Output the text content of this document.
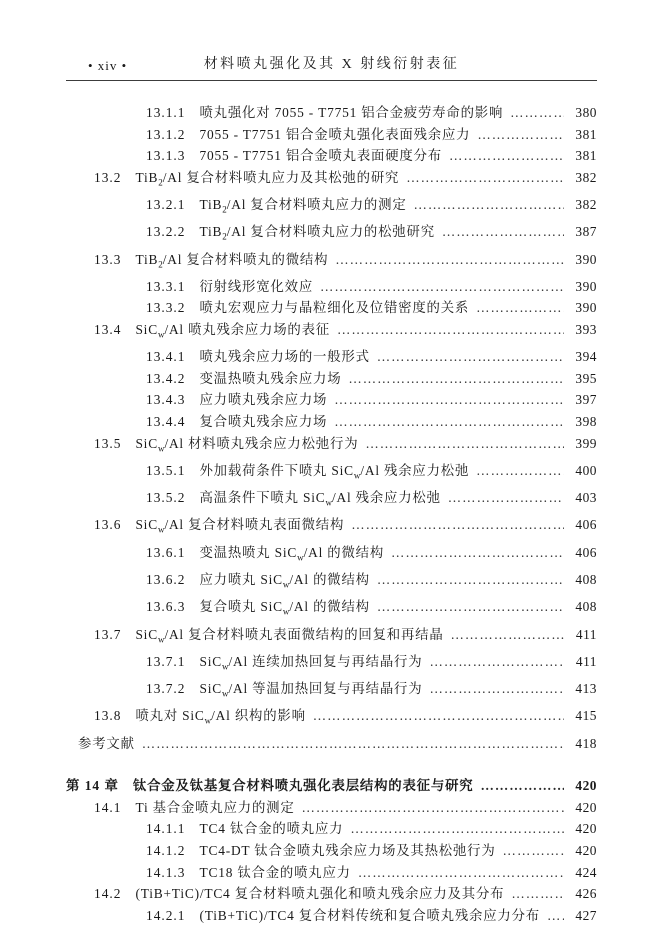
• xiv •	材料喷丸强化及其 X 射线衍射表征
13.1.1 喷丸强化对 7055 - T7751 铝合金疲劳寿命的影响 ………………………………………………………………………………………………………………	380
13.1.2 7055 - T7751 铝合金喷丸强化表面残余应力 ………………………………………………………………………………………………………………	381
13.1.3 7055 - T7751 铝合金喷丸表面硬度分布 ………………………………………………………………………………………………………………	381
13.2 TiB$_2$/Al 复合材料喷丸应力及其松弛的研究 ………………………………………………………………………………………………………………	382
13.2.1 TiB$_2$/Al 复合材料喷丸应力的测定 ………………………………………………………………………………………………………………	382
13.2.2 TiB$_2$/Al 复合材料喷丸应力的松弛研究 ………………………………………………………………………………………………………………	387
13.3 TiB$_2$/Al 复合材料喷丸的微结构 ………………………………………………………………………………………………………………	390
13.3.1 衍射线形宽化效应 ………………………………………………………………………………………………………………	390
13.3.2 喷丸宏观应力与晶粒细化及位错密度的关系 ………………………………………………………………………………………………………………	390
13.4 SiC$_w$/Al 喷丸残余应力场的表征 ………………………………………………………………………………………………………………	393
13.4.1 喷丸残余应力场的一般形式 ………………………………………………………………………………………………………………	394
13.4.2 变温热喷丸残余应力场 ………………………………………………………………………………………………………………	395
13.4.3 应力喷丸残余应力场 ………………………………………………………………………………………………………………	397
13.4.4 复合喷丸残余应力场 ………………………………………………………………………………………………………………	398
13.5 SiC$_w$/Al 材料喷丸残余应力松弛行为 ………………………………………………………………………………………………………………	399
13.5.1 外加载荷条件下喷丸 SiC$_w$/Al 残余应力松弛 ………………………………………………………………………………………………………………	400
13.5.2 高温条件下喷丸 SiC$_w$/Al 残余应力松弛 ………………………………………………………………………………………………………………	403
13.6 SiC$_w$/Al 复合材料喷丸表面微结构 ………………………………………………………………………………………………………………	406
13.6.1 变温热喷丸 SiC$_w$/Al 的微结构 ………………………………………………………………………………………………………………	406
13.6.2 应力喷丸 SiC$_w$/Al 的微结构 ………………………………………………………………………………………………………………	408
13.6.3 复合喷丸 SiC$_w$/Al 的微结构 ………………………………………………………………………………………………………………	408
13.7 SiC$_w$/Al 复合材料喷丸表面微结构的回复和再结晶 ………………………………………………………………………………………………………………	411
13.7.1 SiC$_w$/Al 连续加热回复与再结晶行为 ………………………………………………………………………………………………………………	411
13.7.2 SiC$_w$/Al 等温加热回复与再结晶行为 ………………………………………………………………………………………………………………	413
13.8 喷丸对 SiC$_w$/Al 织构的影响 ………………………………………………………………………………………………………………	415
参考文献 ………………………………………………………………………………………………………………	418
第 14 章 钛合金及钛基复合材料喷丸强化表层结构的表征与研究 ………………………………………………………………………………………………………………	420
14.1 Ti 基合金喷丸应力的测定 ………………………………………………………………………………………………………………	420
14.1.1 TC4 钛合金的喷丸应力 ………………………………………………………………………………………………………………	420
14.1.2 TC4-DT 钛合金喷丸残余应力场及其热松弛行为 ………………………………………………………………………………………………………………	420
14.1.3 TC18 钛合金的喷丸应力 ………………………………………………………………………………………………………………	424
14.2 (TiB+TiC)/TC4 复合材料喷丸强化和喷丸残余应力及其分布 ………………………………………………………………………………………………………………	426
14.2.1 (TiB+TiC)/TC4 复合材料传统和复合喷丸残余应力分布 ………………………………………………………………………………………………………………	427
